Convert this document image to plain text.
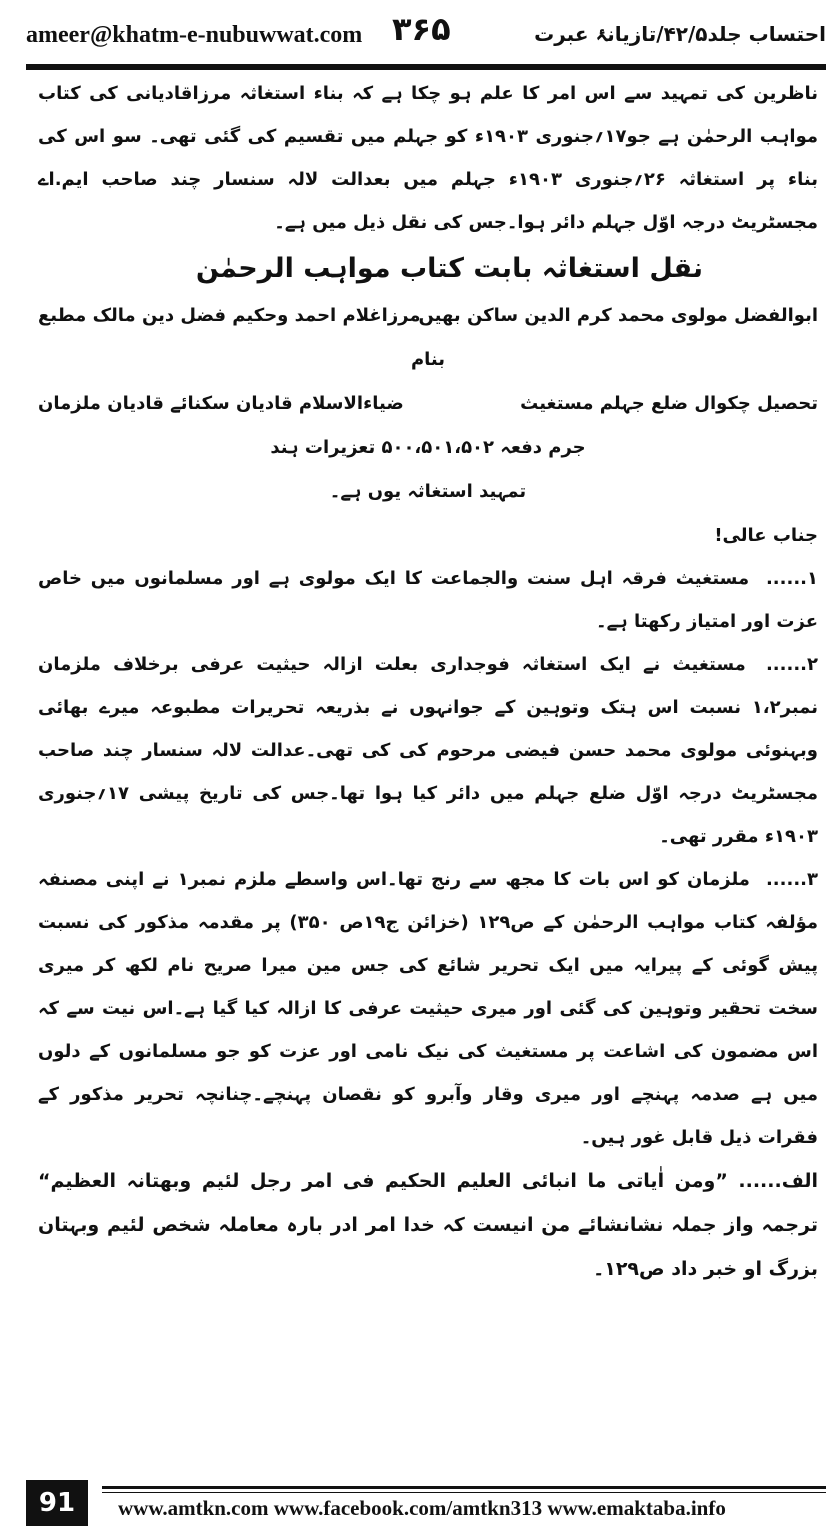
ameer@khatm-e-nubuwwat.com ۳۶۵	احتساب جلد۴۲/۵/تازیانۂ عبرت

ناظرین کی تمہید سے اس امر کا علم ہو چکا ہے کہ بناء استغاثہ مرزاقادیانی کی کتاب مواہب الرحمٰن ہے جو۱۷؍جنوری ۱۹۰۳ء کو جہلم میں تقسیم کی گئی تھی۔ سو اس کی بناء پر استغاثہ ۲۶؍جنوری ۱۹۰۳ء جہلم میں بعدالت لالہ سنسار چند صاحب ایم.اے مجسٹریٹ درجہ اوّل جہلم دائر ہوا۔جس کی نقل ذیل میں ہے۔

نقل استغاثہ بابت کتاب مواہب الرحمٰن

ابوالفضل مولوی محمد کرم الدین ساکن بھیں
مرزاغلام احمد وحکیم فضل دین مالک مطبع

بنام

تحصیل چکوال ضلع جہلم مستغیث
ضیاءالاسلام قادیان سکنائے قادیان ملزمان

جرم دفعہ ۵۰۰،۵۰۱،۵۰۲ تعزیرات ہند

تمہید استغاثہ یوں ہے۔

جناب عالی!

۱...... مستغیث فرقہ اہل سنت والجماعت کا ایک مولوی ہے اور مسلمانوں میں خاص عزت اور امتیاز رکھتا ہے۔

۲...... مستغیث نے ایک استغاثہ فوجداری بعلت ازالہ حیثیت عرفی برخلاف ملزمان نمبر۱،۲ نسبت اس ہتک وتوہین کے جوانہوں نے بذریعہ تحریرات مطبوعہ میرے بھائی وبہنوئی مولوی محمد حسن فیضی مرحوم کی کی تھی۔عدالت لالہ سنسار چند صاحب مجسٹریٹ درجہ اوّل ضلع جہلم میں دائر کیا ہوا تھا۔جس کی تاریخ پیشی ۱۷؍جنوری ۱۹۰۳ء مقرر تھی۔

۳...... ملزمان کو اس بات کا مجھ سے رنج تھا۔اس واسطے ملزم نمبر۱ نے اپنی مصنفہ مؤلفہ کتاب مواہب الرحمٰن کے ص۱۲۹ (خزائن ج۱۹ص ۳۵۰) پر مقدمہ مذکور کی نسبت پیش گوئی کے پیرایہ میں ایک تحریر شائع کی جس مین میرا صریح نام لکھ کر میری سخت تحقیر وتوہین کی گئی اور میری حیثیت عرفی کا ازالہ کیا گیا ہے۔اس نیت سے کہ اس مضمون کی اشاعت پر مستغیث کی نیک نامی اور عزت کو جو مسلمانوں کے دلوں میں ہے صدمہ پہنچے اور میری وقار وآبرو کو نقصان پہنچے۔چنانچہ تحریر مذکور کے فقرات ذیل قابل غور ہیں۔

الف...... ”ومن اٰیاتی ما انبائی العلیم الحکیم فی امر رجل لئیم وبھتانہ العظیم“ ترجمہ واز جملہ نشانشائے من انیست کہ خدا امر ادر بارہ معاملہ شخص لئیم وبہتان بزرگ او خبر داد ص۱۲۹۔

91	www.amtkn.com www.facebook.com/amtkn313 www.emaktaba.info
